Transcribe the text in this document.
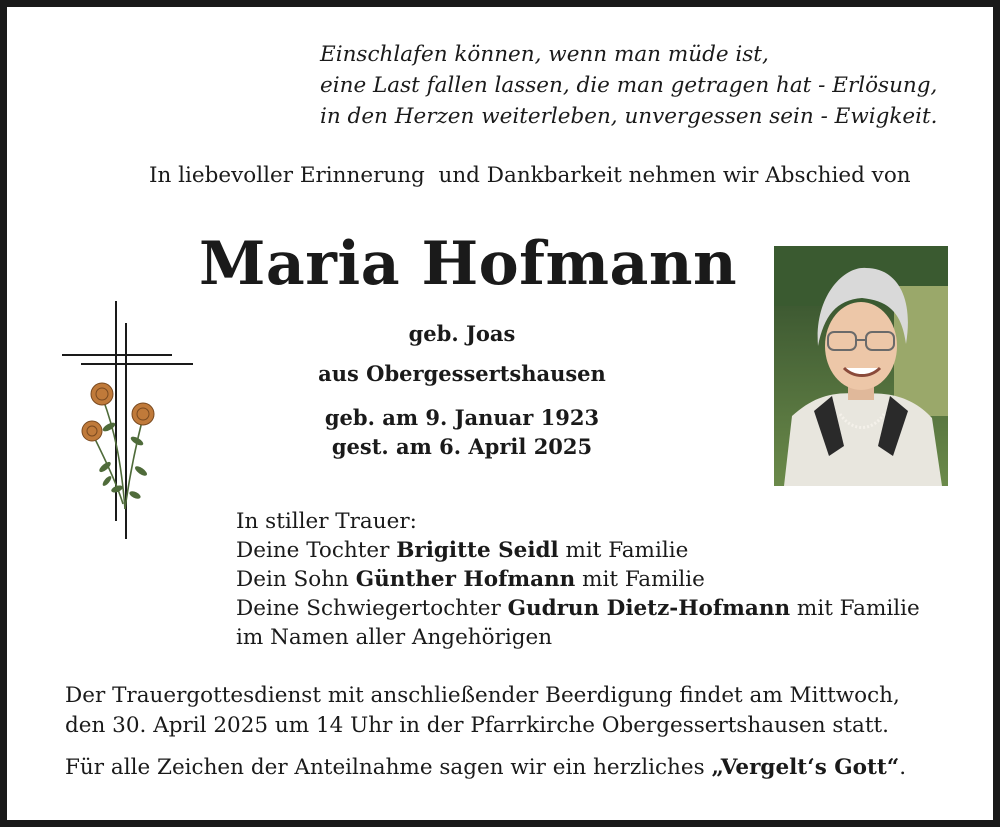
Einschlafen können, wenn man müde ist,
eine Last fallen lassen, die man getragen hat - Erlösung,
in den Herzen weiterleben, unvergessen sein - Ewigkeit.
In liebevoller Erinnerung  und Dankbarkeit nehmen wir Abschied von
Maria Hofmann
geb. Joas
aus Obergessertshausen
geb. am 9. Januar 1923
gest. am 6. April 2025
In stiller Trauer:
Deine Tochter Brigitte Seidl mit Familie
Dein Sohn Günther Hofmann mit Familie
Deine Schwiegertochter Gudrun Dietz-Hofmann mit Familie
im Namen aller Angehörigen
Der Trauergottesdienst mit anschließender Beerdigung findet am Mittwoch,
den 30. April 2025 um 14 Uhr in der Pfarrkirche Obergessertshausen statt.
Für alle Zeichen der Anteilnahme sagen wir ein herzliches „Vergelt‘s Gott“.
